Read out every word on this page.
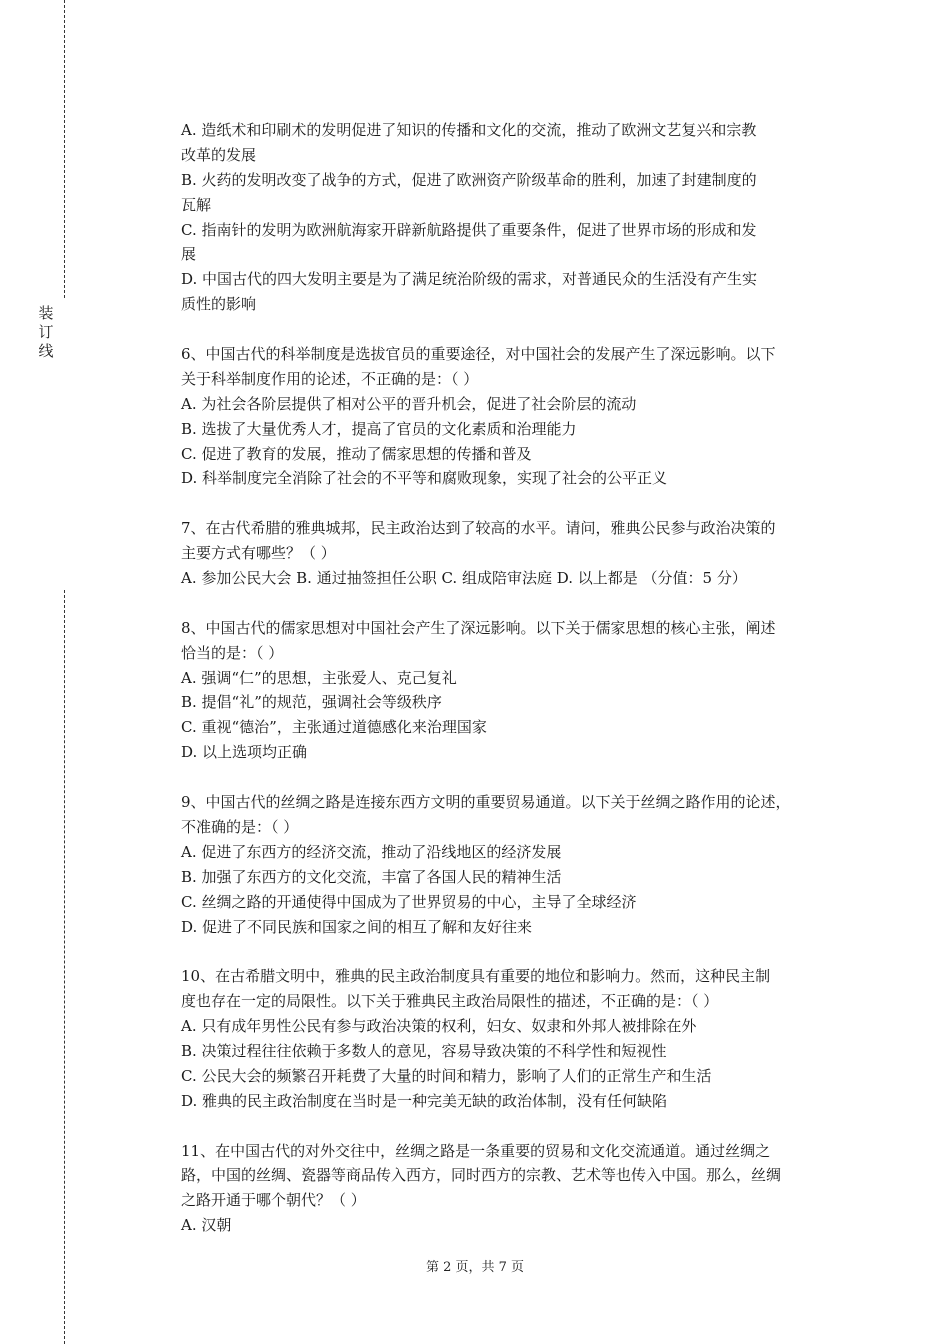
装
订
线
A. 造纸术和印刷术的发明促进了知识的传播和文化的交流，推动了欧洲文艺复兴和宗教
改革的发展
B. 火药的发明改变了战争的方式，促进了欧洲资产阶级革命的胜利，加速了封建制度的
瓦解
C. 指南针的发明为欧洲航海家开辟新航路提供了重要条件，促进了世界市场的形成和发
展
D. 中国古代的四大发明主要是为了满足统治阶级的需求，对普通民众的生活没有产生实
质性的影响
6、中国古代的科举制度是选拔官员的重要途径，对中国社会的发展产生了深远影响。以下
关于科举制度作用的论述，不正确的是：（ ）
A. 为社会各阶层提供了相对公平的晋升机会，促进了社会阶层的流动
B. 选拔了大量优秀人才，提高了官员的文化素质和治理能力
C. 促进了教育的发展，推动了儒家思想的传播和普及
D. 科举制度完全消除了社会的不平等和腐败现象，实现了社会的公平正义
7、在古代希腊的雅典城邦，民主政治达到了较高的水平。请问，雅典公民参与政治决策的
主要方式有哪些？（ ）
A. 参加公民大会 B. 通过抽签担任公职 C. 组成陪审法庭 D. 以上都是 （分值：5 分）
8、中国古代的儒家思想对中国社会产生了深远影响。以下关于儒家思想的核心主张，阐述
恰当的是：（ ）
A. 强调“仁”的思想，主张爱人、克己复礼
B. 提倡“礼”的规范，强调社会等级秩序
C. 重视“德治”，主张通过道德感化来治理国家
D. 以上选项均正确
9、中国古代的丝绸之路是连接东西方文明的重要贸易通道。以下关于丝绸之路作用的论述，
不准确的是：（ ）
A. 促进了东西方的经济交流，推动了沿线地区的经济发展
B. 加强了东西方的文化交流，丰富了各国人民的精神生活
C. 丝绸之路的开通使得中国成为了世界贸易的中心，主导了全球经济
D. 促进了不同民族和国家之间的相互了解和友好往来
10、在古希腊文明中，雅典的民主政治制度具有重要的地位和影响力。然而，这种民主制
度也存在一定的局限性。以下关于雅典民主政治局限性的描述，不正确的是：（ ）
A. 只有成年男性公民有参与政治决策的权利，妇女、奴隶和外邦人被排除在外
B. 决策过程往往依赖于多数人的意见，容易导致决策的不科学性和短视性
C. 公民大会的频繁召开耗费了大量的时间和精力，影响了人们的正常生产和生活
D. 雅典的民主政治制度在当时是一种完美无缺的政治体制，没有任何缺陷
11、在中国古代的对外交往中，丝绸之路是一条重要的贸易和文化交流通道。通过丝绸之
路，中国的丝绸、瓷器等商品传入西方，同时西方的宗教、艺术等也传入中国。那么，丝绸
之路开通于哪个朝代？（ ）
A. 汉朝
第 2 页，共 7 页
